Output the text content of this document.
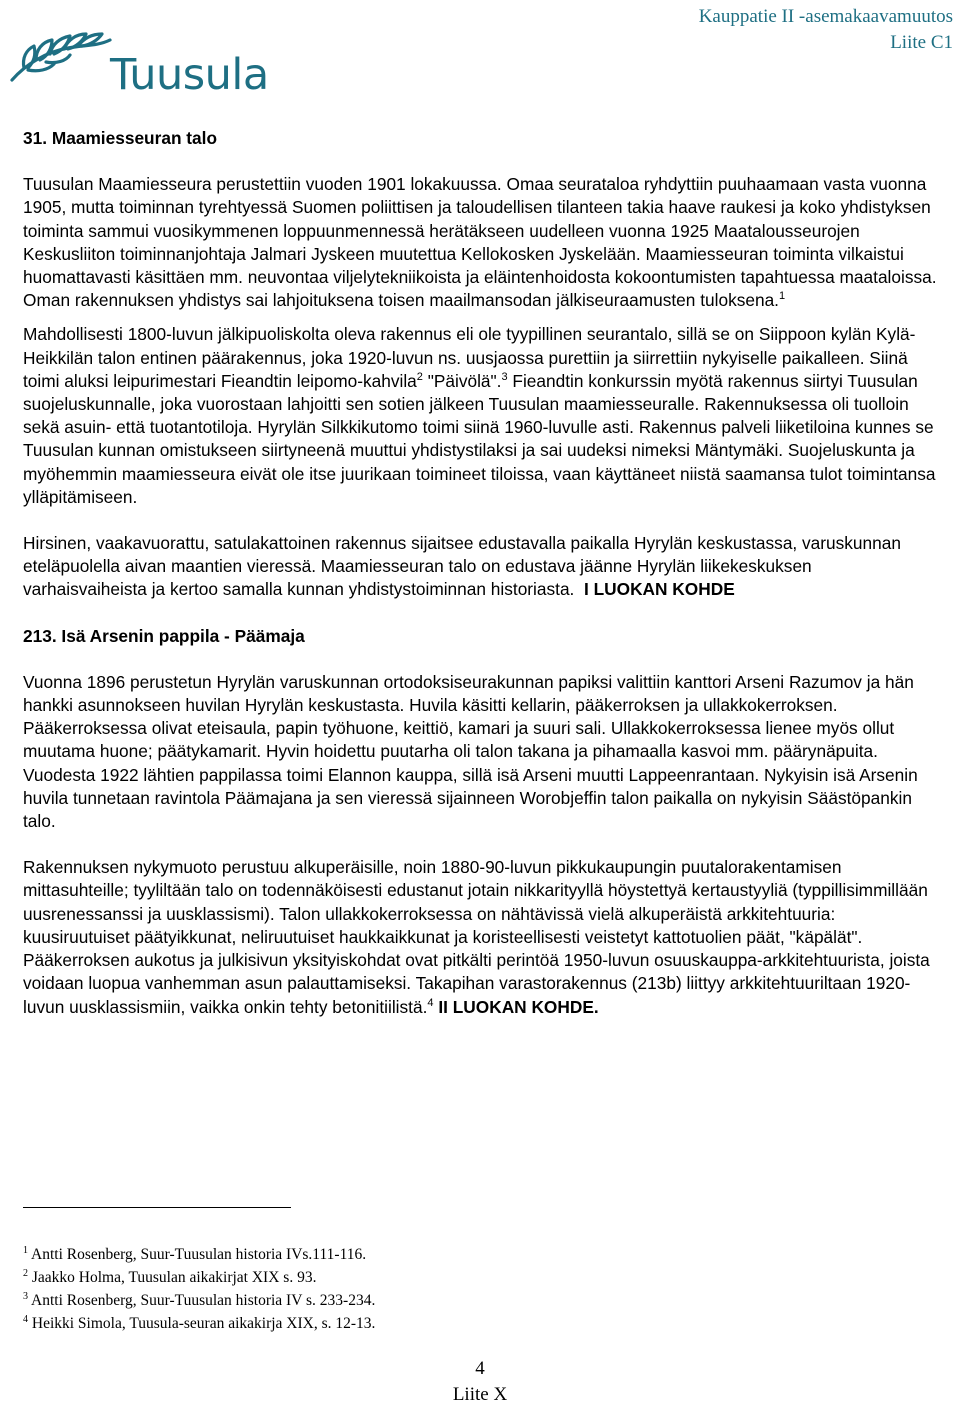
Tuusula
Kauppatie II -asemakaavamuutos
Liite C1
31. Maamiesseuran talo

Tuusulan Maamiesseura perustettiin vuoden 1901 lokakuussa. Omaa seurataloa ryhdyttiin puuhaamaan vasta vuonna 1905, mutta toiminnan tyrehtyessä Suomen poliittisen ja taloudellisen tilanteen takia haave raukesi ja koko yhdistyksen toiminta sammui vuosikymmenen loppuunmennessä herätäkseen uudelleen vuonna 1925 Maatalousseurojen Keskusliiton toiminnanjohtaja Jalmari Jyskeen muutettua Kellokosken Jyskelään. Maamiesseuran toiminta vilkaistui huomattavasti käsittäen mm. neuvontaa viljelytekniikoista ja eläintenhoidosta kokoontumisten tapahtuessa maataloissa. Oman rakennuksen yhdistys sai lahjoituksena toisen maailmansodan jälkiseuraamusten tuloksena.$^1$

Mahdollisesti 1800-luvun jälkipuoliskolta oleva rakennus eli ole tyypillinen seurantalo, sillä se on Siippoon kylän Kylä-Heikkilän talon entinen päärakennus, joka 1920-luvun ns. uusjaossa purettiin ja siirrettiin nykyiselle paikalleen. Siinä toimi aluksi leipurimestari Fieandtin leipomo-kahvila$^2$ "Päivölä".$^3$ Fieandtin konkurssin myötä rakennus siirtyi Tuusulan suojeluskunnalle, joka vuorostaan lahjoitti sen sotien jälkeen Tuusulan maamiesseuralle. Rakennuksessa oli tuolloin sekä asuin- että tuotantotiloja. Hyrylän Silkkikutomo toimi siinä 1960-luvulle asti. Rakennus palveli liiketiloina kunnes se Tuusulan kunnan omistukseen siirtyneenä muuttui yhdistystilaksi ja sai uudeksi nimeksi Mäntymäki. Suojeluskunta ja myöhemmin maamiesseura eivät ole itse juurikaan toimineet tiloissa, vaan käyttäneet niistä saamansa tulot toimintansa ylläpitämiseen.

Hirsinen, vaakavuorattu, satulakattoinen rakennus sijaitsee edustavalla paikalla Hyrylän keskustassa, varuskunnan eteläpuolella aivan maantien vieressä. Maamiesseuran talo on edustava jäänne Hyrylän liikekeskuksen varhaisvaiheista ja kertoo samalla kunnan yhdistystoiminnan historiasta. I LUOKAN KOHDE

213. Isä Arsenin pappila - Päämaja

Vuonna 1896 perustetun Hyrylän varuskunnan ortodoksiseurakunnan papiksi valittiin kanttori Arseni Razumov ja hän hankki asunnokseen huvilan Hyrylän keskustasta. Huvila käsitti kellarin, pääkerroksen ja ullakkokerroksen. Pääkerroksessa olivat eteisaula, papin työhuone, keittiö, kamari ja suuri sali. Ullakkokerroksessa lienee myös ollut muutama huone; päätykamarit. Hyvin hoidettu puutarha oli talon takana ja pihamaalla kasvoi mm. päärynäpuita. Vuodesta 1922 lähtien pappilassa toimi Elannon kauppa, sillä isä Arseni muutti Lappeenrantaan. Nykyisin isä Arsenin huvila tunnetaan ravintola Päämajana ja sen vieressä sijainneen Worobjeffin talon paikalla on nykyisin Säästöpankin talo.

Rakennuksen nykymuoto perustuu alkuperäisille, noin 1880-90-luvun pikkukaupungin puutalorakentamisen mittasuhteille; tyyliltään talo on todennäköisesti edustanut jotain nikkarityyllä höystettyä kertaustyyliä (typpillisimmillään uusrenessanssi ja uusklassismi). Talon ullakkokerroksessa on nähtävissä vielä alkuperäistä arkkitehtuuria: kuusiruutuiset päätyikkunat, neliruutuiset haukkaikkunat ja koristeellisesti veistetyt kattotuolien päät, "käpälät". Pääkerroksen aukotus ja julkisivun yksityiskohdat ovat pitkälti perintöä 1950-luvun osuuskauppa-arkkitehtuurista, joista voidaan luopua vanhemman asun palauttamiseksi. Takapihan varastorakennus (213b) liittyy arkkitehtuuriltaan 1920-luvun uusklassismiin, vaikka onkin tehty betonitiilistä.$^4$ II LUOKAN KOHDE.

$^1$ Antti Rosenberg, Suur-Tuusulan historia IVs.111-116.
$^2$ Jaakko Holma, Tuusulan aikakirjat XIX s. 93.
$^3$ Antti Rosenberg, Suur-Tuusulan historia IV s. 233-234.
$^4$ Heikki Simola, Tuusula-seuran aikakirja XIX, s. 12-13.
4
Liite X
